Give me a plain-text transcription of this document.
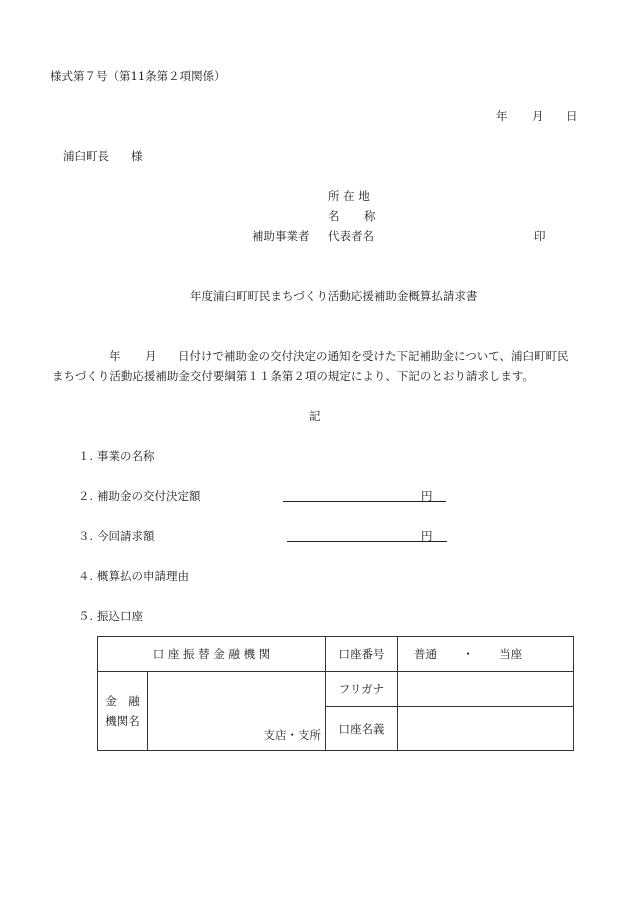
様式第７号（第11条第２項関係）
年 月 日
浦臼町長 様
所 在 地
名 称
補助事業者 代表者名	印
年度浦臼町町民まちづくり活動応援補助金概算払請求書
年 月 日付けで補助金の交付決定の通知を受けた下記補助金について、浦臼町町民
まちづくり活動応援補助金交付要綱第１１条第２項の規定により、下記のとおり請求します。
記
１. 事業の名称
２. 補助金の交付決定額	円
３. 今回請求額	円
４. 概算払の申請理由
５. 振込口座
口 座 振 替 金 融 機 関		口座番号	普通 ・ 当座

金　融
機関名	支店・支所	フリガナ	
		口座名義	
